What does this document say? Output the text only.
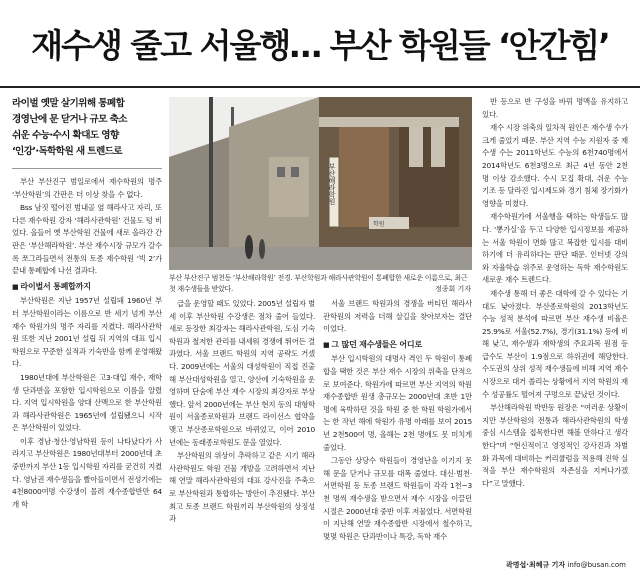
재수생 줄고 서울행… 부산 학원들 ‘안간힘’
라이벌 옛말 살기위해 통폐합
경영난에 문 닫거나 규모 축소
쉬운 수능·수시 확대도 영향
‘인강’·독학학원 새 트렌드로

부산 부산진구 범일로에서 재수학원의 명주 ‘부산학원’의 간판은 더 이상 찾을 수 없다.

Bss 남짓 떨어진 범내골 옆 해라사고 자리, 또다른 재수학원 강자 ‘해라사관학원’ 건물도 텅 비었다. 올들어 옛 부산학원 건물에 새로 올라간 간판은 ‘부산해라학원’. 부산 재수시장 규모가 갈수록 쪼그라들면서 전통의 토종 재수학원 ‘빅 2’가 끝내 통폐합에 나선 결과다.

■ 라이벌서 통폐합까지

부산학원은 지난 1957년 설립돼 1960년 부터 부산학원이라는 이름으로 반 세기 넘게 부산 재수 학원가의 명주 자리를 지켰다. 해라사관학원 또한 지난 2001년 설립 뒤 지역의 대표 입시학원으로 꾸준한 실적과 기숙반을 함께 운영해왔다.

1980년대에 부산학원은 고3·대입 재수, 재학생 단과반을 포함한 입시학원으로 이름을 알렸다. 지역 입시학원을 양대 산맥으로 한 부산학원과 해라사관학원은 1965년에 설립됐으니 시작은 부산학원이 있었다.

이후 경남·청산·영남학원 등이 나타났다가 사라지고 부산학원은 1980년대부터 2000년대 초중반까지 부산 1등 입시학원 자리를 굳건히 지켰다. 영남권 재수생들을 빨아들이면서 전성기에는 4천8000여명 수강생이 몰려 재수종합반만 64개 학

부산해라학원
학원
부산 부산진구 범천동 ‘부산해라학원’ 전경. 부산학원과 해라사관학원이 통폐합한 새로운 이름으로, 최근 첫 재수생들을 받았다.	정종회 기자

급을 운영할 때도 있었다. 2005년 설립자 별세 이후 부산학원 수강생은 점차 줄어 들었다. 새로 등장한 최강자는 해라사관학원, 도심 기숙학원과 철저한 관리를 내세워 경쟁에 뛰어든 결과였다. 서울 브랜드 학원의 지역 공략도 거셌다. 2009년에는 서울의 대성학원이 직접 진출해 부산대성학원을 열고, 양산에 기숙학원을 운영하며 단숨에 부산 재수 시장의 최강자로 부상했다. 앞서 2000년에는 부산 현지 동의 대형학원이 서울종로학원과 브랜드 라이선스 협약을 맺고 부산종로학원으로 바뀌었고, 이어 2010년에는 동래종로학원도 문을 열었다.

부산학원의 위상이 추락하고 같은 시기 해라사관학원도 학원 건물 개발을 고려하면서 지난해 연말 해라사관학원의 대표 강사진을 주축으로 부산학원과 통합하는 방안이 추진됐다. 부산 최고 토종 브랜드 학원끼리 부산학원의 상징성과

서울 브랜드 학원과의 경쟁을 버티던 해라사관학원의 저력을 더해 살길을 찾아보자는 결단이었다.

■ 그 많던 재수생들은 어디로

부산 입시학원의 대명사 격인 두 학원이 통폐합을 택한 것은 부산 재수 시장의 위축을 단적으로 보여준다. 학원가에 따르면 부산 지역의 학원 재수종합반 원생 총규모는 2000년대 초반 1만 명에 육박하던 것을 학원 중 한 학원 학원가에서는 한 작년 해에 학원가 유명 아래를 보여 2015년 2천500여 명, 올해는 2천 명에도 못 미치게 줄었다.

그동안 상당수 학원들이 경영난을 이기지 못해 문을 닫거나 규모를 대폭 줄였다. 대신·범천·서면학원 등 토종 브랜드 학원들이 각각 1천~3천 명씩 재수생을 받으면서 재수 시장을 이끌던 시절은 2000년대 중반 이후 저물었다. 서면학원이 지난해 연말 재수종합반 시장에서 철수하고, 몇몇 학원은 단과반이나 특강, 독학 재수

반 등으로 반 구성을 바꿔 명맥을 유지하고 있다.

재수 시장 위축의 일차적 원인은 재수생 수가 크게 줄었기 때문. 부산 지역 수능 지원자 중 재수생 수는 2011학년도 수능의 6천740명에서 2014학년도 6천3명으로 최근 4년 동안 2천 명 이상 감소했다. 수시 모집 확대, 쉬운 수능 기조 등 달라진 입시제도와 경기 침체 장기화가 영향을 미쳤다.

재수학원가에 서울행을 택하는 학생들도 많다. ‘뽕가실’을 두고 다양한 입시정보를 제공하는 서울 학원이 면화 많고 복잡한 입시를 대비하기에 더 유리하다는 판단 때문. 인터넷 강의와 자율학습 위주로 운영하는 독학 재수학원도 새로운 재수 트렌드다.

재수생 통해 더 좋은 대학에 갈 수 있다는 기대도 낮아졌다. 부산종로학원의 2013학년도 수능 성적 분석에 따르면 부산 재수생 비율은 25.9%로 서울(52.7%), 경기(31.1%) 등에 비해 낮고, 재수생과 재학생의 주요과목 원점 등급수도 부산이 1.9점으로 하위권에 해당한다. 수도권의 상위 성적 재수생들에 비해 지역 재수 시장으로 대거 쏠리는 상황에서 지역 학원의 재수 성공률도 떨어져 구멍으로 끝났던 것이다.

부산해라학원 박반동 원장은 “여러운 상황이지만 부산학원의 전통과 해라사관학원의 학생 중심 시스템을 접목한다면 해볼 만하다고 생각한다”며 “현신적이고 영정적인 강사진과 차별화 과목에 대비하는 커리큘럼을 적용해 진학 실적을 부산 재수학원의 자존심을 지켜나가겠다”고 말했다.

곽명섭·최혜규 기자 info@busan.com
